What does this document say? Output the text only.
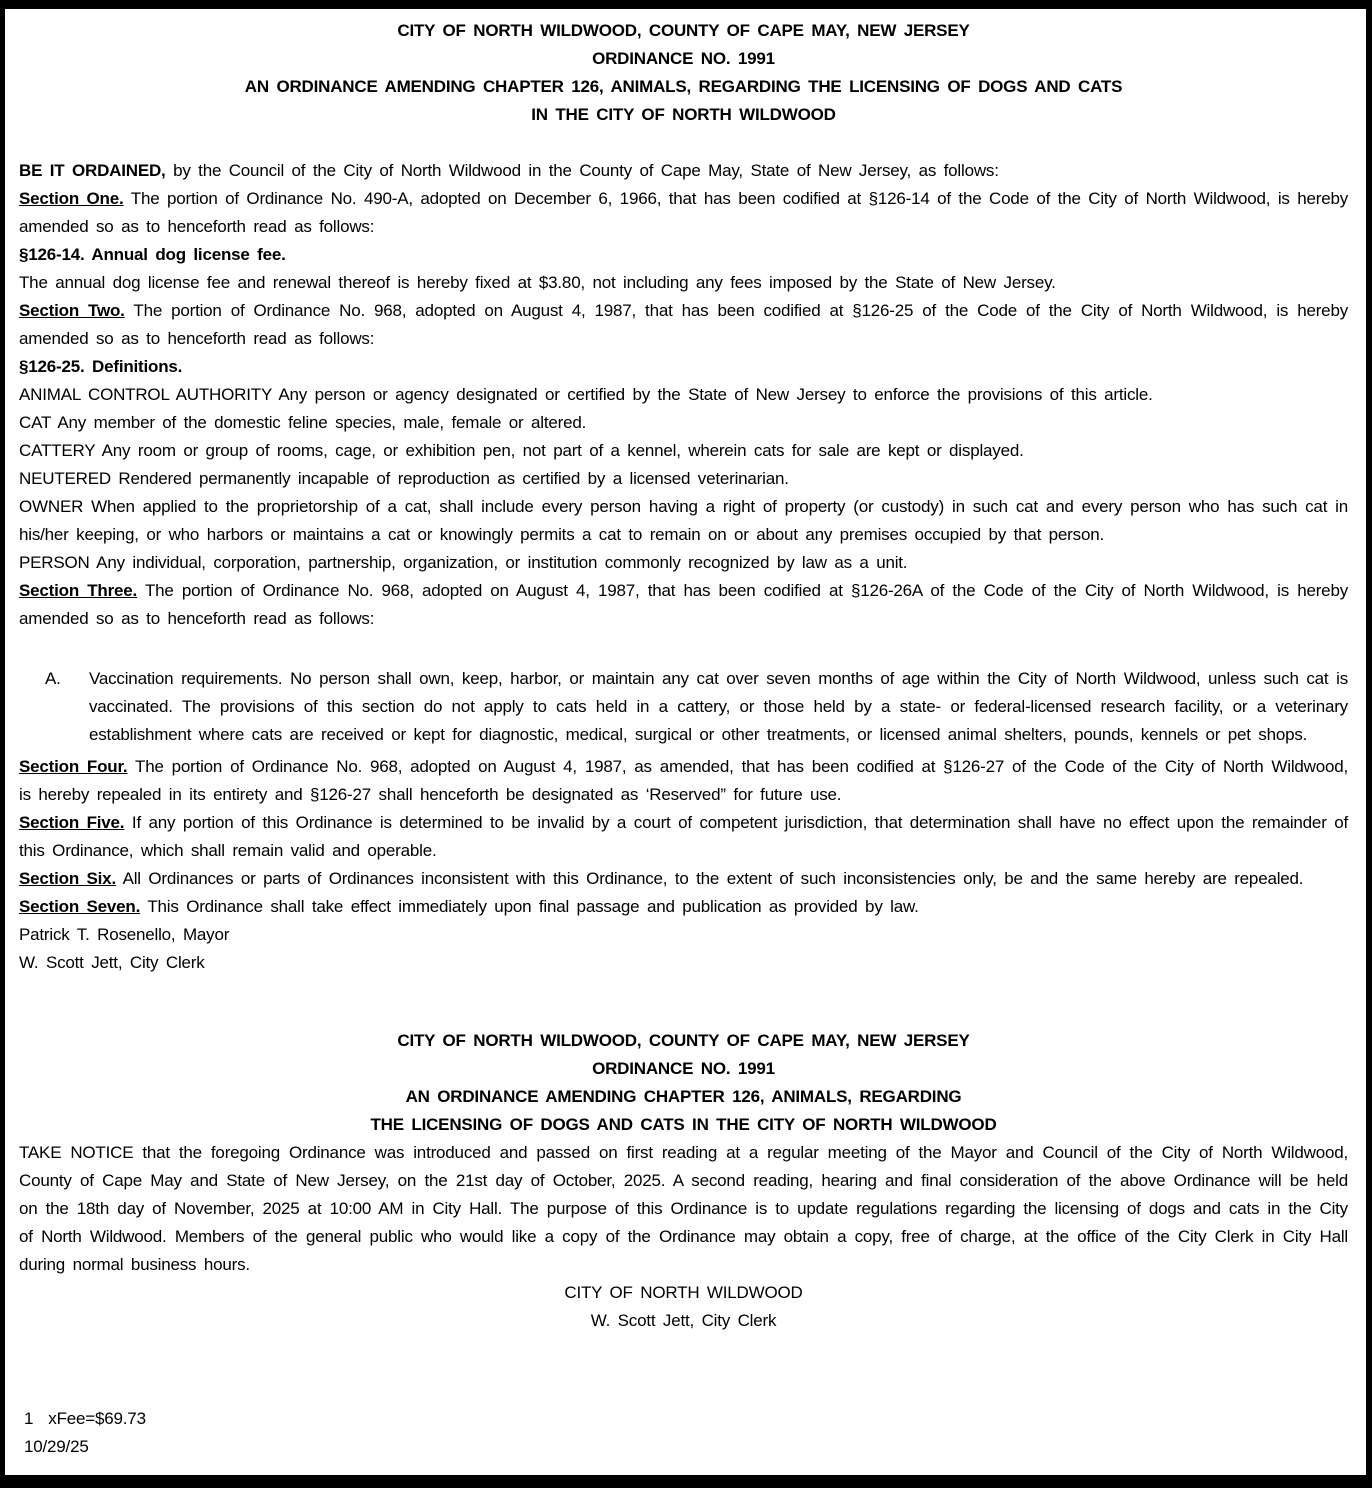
CITY OF NORTH WILDWOOD, COUNTY OF CAPE MAY, NEW JERSEY

ORDINANCE NO. 1991

AN ORDINANCE AMENDING CHAPTER 126, ANIMALS, REGARDING THE LICENSING OF DOGS AND CATS

IN THE CITY OF NORTH WILDWOOD

BE IT ORDAINED, by the Council of the City of North Wildwood in the County of Cape May, State of New Jersey, as follows:

Section One. The portion of Ordinance No. 490-A, adopted on December 6, 1966, that has been codified at §126-14 of the Code of the City of North Wildwood, is hereby amended so as to henceforth read as follows:

§126-14. Annual dog license fee.

The annual dog license fee and renewal thereof is hereby fixed at $3.80, not including any fees imposed by the State of New Jersey.

Section Two. The portion of Ordinance No. 968, adopted on August 4, 1987, that has been codified at §126-25 of the Code of the City of North Wildwood, is hereby amended so as to henceforth read as follows:

§126-25. Definitions.

ANIMAL CONTROL AUTHORITY Any person or agency designated or certified by the State of New Jersey to enforce the provisions of this article.

CAT Any member of the domestic feline species, male, female or altered.

CATTERY Any room or group of rooms, cage, or exhibition pen, not part of a kennel, wherein cats for sale are kept or displayed.

NEUTERED Rendered permanently incapable of reproduction as certified by a licensed veterinarian.

OWNER When applied to the proprietorship of a cat, shall include every person having a right of property (or custody) in such cat and every person who has such cat in his/her keeping, or who harbors or maintains a cat or knowingly permits a cat to remain on or about any premises occupied by that person.

PERSON Any individual, corporation, partnership, organization, or institution commonly recognized by law as a unit.

Section Three. The portion of Ordinance No. 968, adopted on August 4, 1987, that has been codified at §126-26A of the Code of the City of North Wildwood, is hereby amended so as to henceforth read as follows:

A.	Vaccination requirements. No person shall own, keep, harbor, or maintain any cat over seven months of age within the City of North Wildwood, unless such cat is vaccinated. The provisions of this section do not apply to cats held in a cattery, or those held by a state- or federal-licensed research facility, or a veterinary establishment where cats are received or kept for diagnostic, medical, surgical or other treatments, or licensed animal shelters, pounds, kennels or pet shops.

Section Four. The portion of Ordinance No. 968, adopted on August 4, 1987, as amended, that has been codified at §126-27 of the Code of the City of North Wildwood, is hereby repealed in its entirety and §126-27 shall henceforth be designated as ‘Reserved” for future use.

Section Five. If any portion of this Ordinance is determined to be invalid by a court of competent jurisdiction, that determination shall have no effect upon the remainder of this Ordinance, which shall remain valid and operable.

Section Six. All Ordinances or parts of Ordinances inconsistent with this Ordinance, to the extent of such inconsistencies only, be and the same hereby are repealed.

Section Seven. This Ordinance shall take effect immediately upon final passage and publication as provided by law.

Patrick T. Rosenello, Mayor

W. Scott Jett, City Clerk

CITY OF NORTH WILDWOOD, COUNTY OF CAPE MAY, NEW JERSEY

ORDINANCE NO. 1991

AN ORDINANCE AMENDING CHAPTER 126, ANIMALS, REGARDING

THE LICENSING OF DOGS AND CATS IN THE CITY OF NORTH WILDWOOD

TAKE NOTICE that the foregoing Ordinance was introduced and passed on first reading at a regular meeting of the Mayor and Council of the City of North Wildwood, County of Cape May and State of New Jersey, on the 21st day of October, 2025. A second reading, hearing and final consideration of the above Ordinance will be held on the 18th day of November, 2025 at 10:00 AM in City Hall. The purpose of this Ordinance is to update regulations regarding the licensing of dogs and cats in the City of North Wildwood. Members of the general public who would like a copy of the Ordinance may obtain a copy, free of charge, at the office of the City Clerk in City Hall during normal business hours.

CITY OF NORTH WILDWOOD

W. Scott Jett, City Clerk

1  xFee=$69.73

10/29/25
